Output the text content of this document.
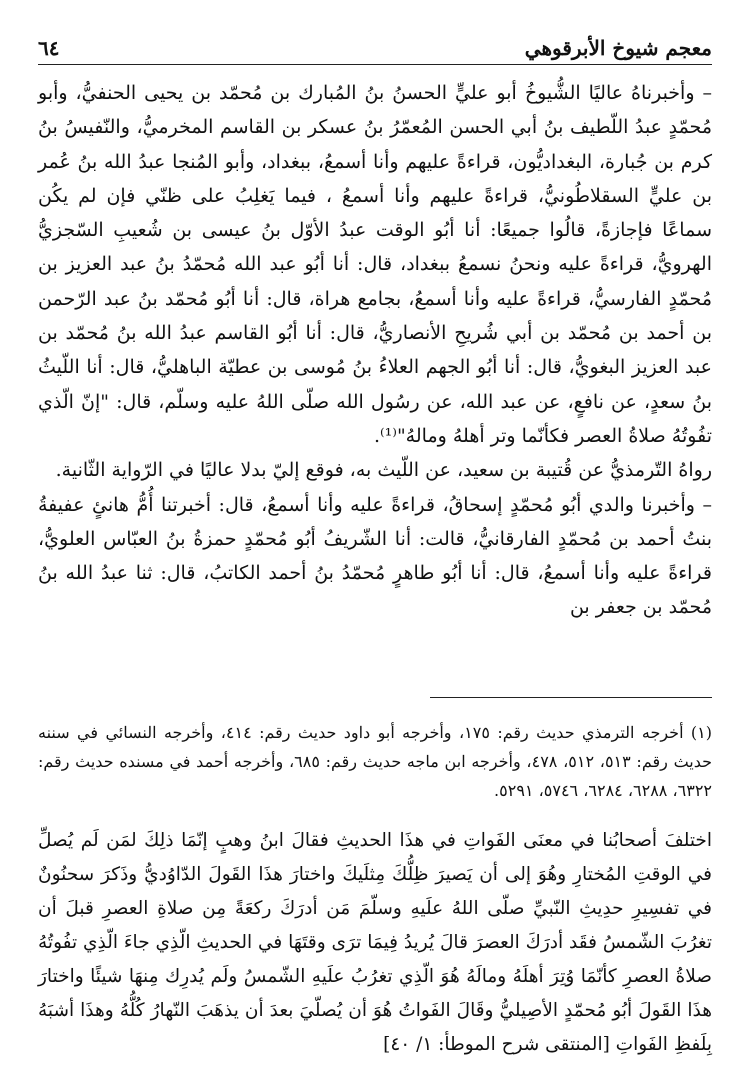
٦٤	معجم شيوخ الأبرقوهي

– وأخبرناهُ عاليًا الشُّيوخُ أبو عليٍّ الحسنُ بنُ المُبارك بن مُحمّد بن يحيى الحنفيُّ، وأبو مُحمّدٍ عبدُ اللّطيف بنُ أبي الحسن المُعمّرُ بنُ عسكر بن القاسم المخرميُّ، والنّفيسُ بنُ كرم بن جُبارة، البغداديُّون، قراءةً عليهم وأنا أسمعُ، ببغداد، وأبو المُنجا عبدُ الله بنُ عُمر بن عليٍّ السقلاطُونيُّ، قراءةً عليهم وأنا أسمعُ ، فيما يَغلِبُ على ظنّي فإن لم يكُن سماعًا فإجازةً، قالُوا جميعًا: أنا أبُو الوقت عبدُ الأوّل بنُ عيسى بن شُعيبِ السّجزيُّ الهرويُّ، قراءةً عليه ونحنُ نسمعُ ببغداد، قال: أنا أبُو عبد الله مُحمّدُ بنُ عبد العزيز بن مُحمّدٍ الفارسيُّ، قراءةً عليه وأنا أسمعُ، بجامع هراة، قال: أنا أبُو مُحمّد بنُ عبد الرّحمن بن أحمد بن مُحمّد بن أبي شُريحِ الأنصاريُّ، قال: أنا أبُو القاسم عبدُ الله بنُ مُحمّد بن عبد العزيز البغويُّ، قال: أنا أبُو الجهم العلاءُ بنُ مُوسى بن عطيّة الباهليُّ، قال: أنا اللّيثُ بنُ سعدٍ، عن نافعٍ، عن عبد الله، عن رسُول الله صلّى اللهُ عليه وسلّم، قال: "إنّ الّذي تفُوتُهُ صلاةُ العصر فكأنّما وتر أهلهُ ومالهُ"⁽¹⁾.

رواهُ التّرمذيُّ عن قُتيبة بن سعيد، عن اللّيث به، فوقع إليّ بدلا عاليًا في الرّواية الثّانية.

– وأخبرنا والدي أبُو مُحمّدٍ إسحاقُ، قراءةً عليه وأنا أسمعُ، قال: أخبرتنا أُمُّ هانئٍ عفيفةُ بنتُ أحمد بن مُحمّدٍ الفارقانيُّ، قالت: أنا الشّريفُ أبُو مُحمّدٍ حمزةُ بنُ العبّاس العلويُّ، قراءةً عليه وأنا أسمعُ، قال: أنا أبُو طاهرٍ مُحمّدُ بنُ أحمد الكاتبُ، قال: ثنا عبدُ الله بنُ مُحمّد بن جعفر بن

(١) أخرجه الترمذي حديث رقم: ١٧٥، وأخرجه أبو داود حديث رقم: ٤١٤، وأخرجه النسائي في سننه حديث رقم: ٥١٣، ٥١٢، ٤٧٨، وأخرجه ابن ماجه حديث رقم: ٦٨٥، وأخرجه أحمد في مسنده حديث رقم: ٦٣٢٢، ٦٢٨٨، ٦٢٨٤، ٥٧٤٦، ٥٢٩١.

اختلفَ أصحابُنا في معنَى الفَواتِ في هذَا الحديثِ فقالَ ابنُ وهبٍ إنّمَا ذلِكَ لمَن لَم يُصلِّ في الوقتِ المُختارِ وهُوَ إلى أن يَصيرَ ظِلُّكَ مِثلَيكَ واختارَ هذَا القَولَ الدّاوُديُّ وذَكرَ سحنُونٌ في تفسِيرِ حدِيثِ النّبيِّ صلّى اللهُ علَيهِ وسلّمَ مَن أدرَكَ ركعَةً مِن صلاةِ العصرِ قبلَ أن تغرُبَ الشّمسُ فقَد أدرَكَ العصرَ قالَ يُريدُ فِيمَا ترَى وقتَهَا في الحديثِ الّذِي جاءَ الّذِي تفُوتُهُ صلاةُ العصرِ كأنّمَا وُتِرَ أهلَهُ ومالَهُ هُوَ الّذِي تغرُبُ علَيهِ الشّمسُ ولَم يُدرِك مِنهَا شيئًا واختارَ هذَا القَولَ أبُو مُحمّدٍ الأصِيليُّ وقَالَ الفَواتُ هُوَ أن يُصلّيَ بعدَ أن يذهَبَ النّهارُ كُلُّهُ وهذَا أشبَهُ بِلَفظِ الفَواتِ [المنتقى شرح الموطأ: ١/ ٤٠]
